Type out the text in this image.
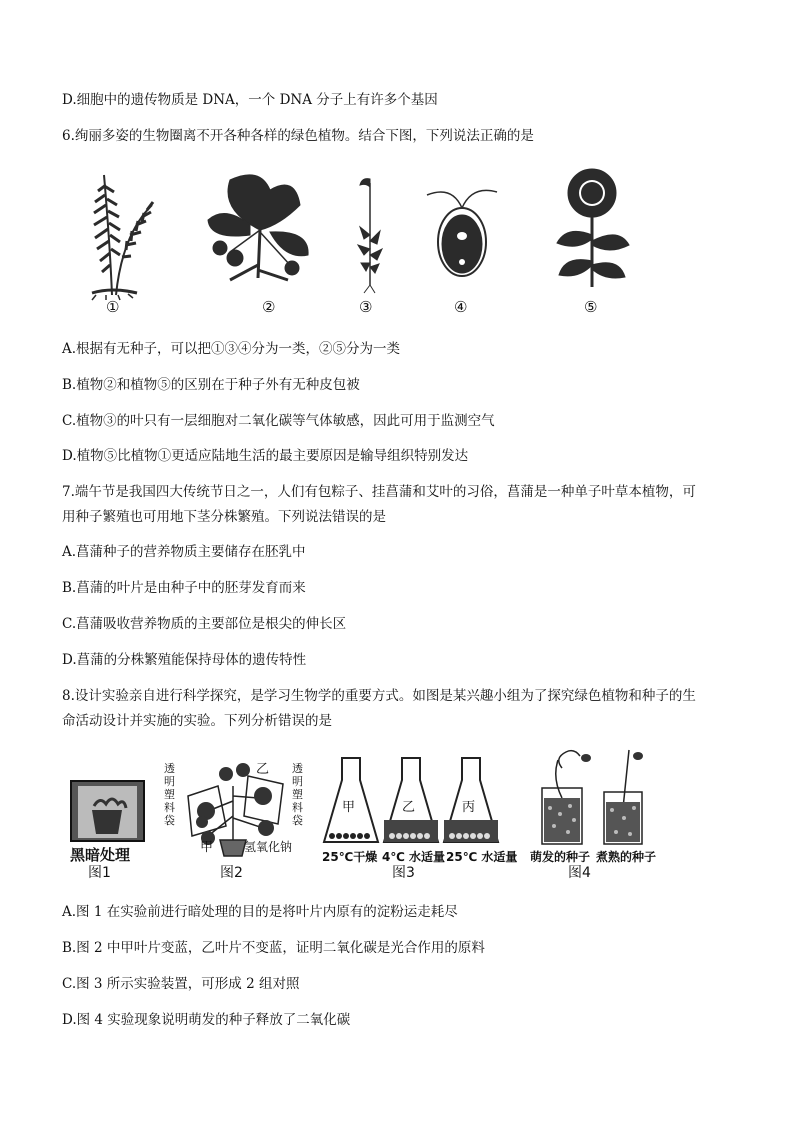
D.细胞中的遗传物质是 DNA，一个 DNA 分子上有许多个基因
6.绚丽多姿的生物圈离不开各种各样的绿色植物。结合下图，下列说法正确的是
①	②	③	④	⑤
A.根据有无种子，可以把①③④分为一类，②⑤分为一类
B.植物②和植物⑤的区别在于种子外有无种皮包被
C.植物③的叶只有一层细胞对二氧化碳等气体敏感，因此可用于监测空气
D.植物⑤比植物①更适应陆地生活的最主要原因是输导组织特别发达
7.端午节是我国四大传统节日之一，人们有包粽子、挂菖蒲和艾叶的习俗，菖蒲是一种单子叶草本植物，可
用种子繁殖也可用地下茎分株繁殖。下列说法错误的是
A.菖蒲种子的营养物质主要储存在胚乳中
B.菖蒲的叶片是由种子中的胚芽发育而来
C.菖蒲吸收营养物质的主要部位是根尖的伸长区
D.菖蒲的分株繁殖能保持母体的遗传特性
8.设计实验亲自进行科学探究，是学习生物学的重要方式。如图是某兴趣小组为了探究绿色植物和种子的生
命活动设计并实施的实验。下列分析错误的是
黑暗处理
图1
透明塑料袋
乙
甲	氢氧化钠
透明塑料袋
图2
甲	乙	丙
25℃干燥 4℃ 水适量 25℃ 水适量
图3
萌发的种子 煮熟的种子
图4
A.图 1 在实验前进行暗处理的目的是将叶片内原有的淀粉运走耗尽
B.图 2 中甲叶片变蓝，乙叶片不变蓝，证明二氧化碳是光合作用的原料
C.图 3 所示实验装置，可形成 2 组对照
D.图 4 实验现象说明萌发的种子释放了二氧化碳
